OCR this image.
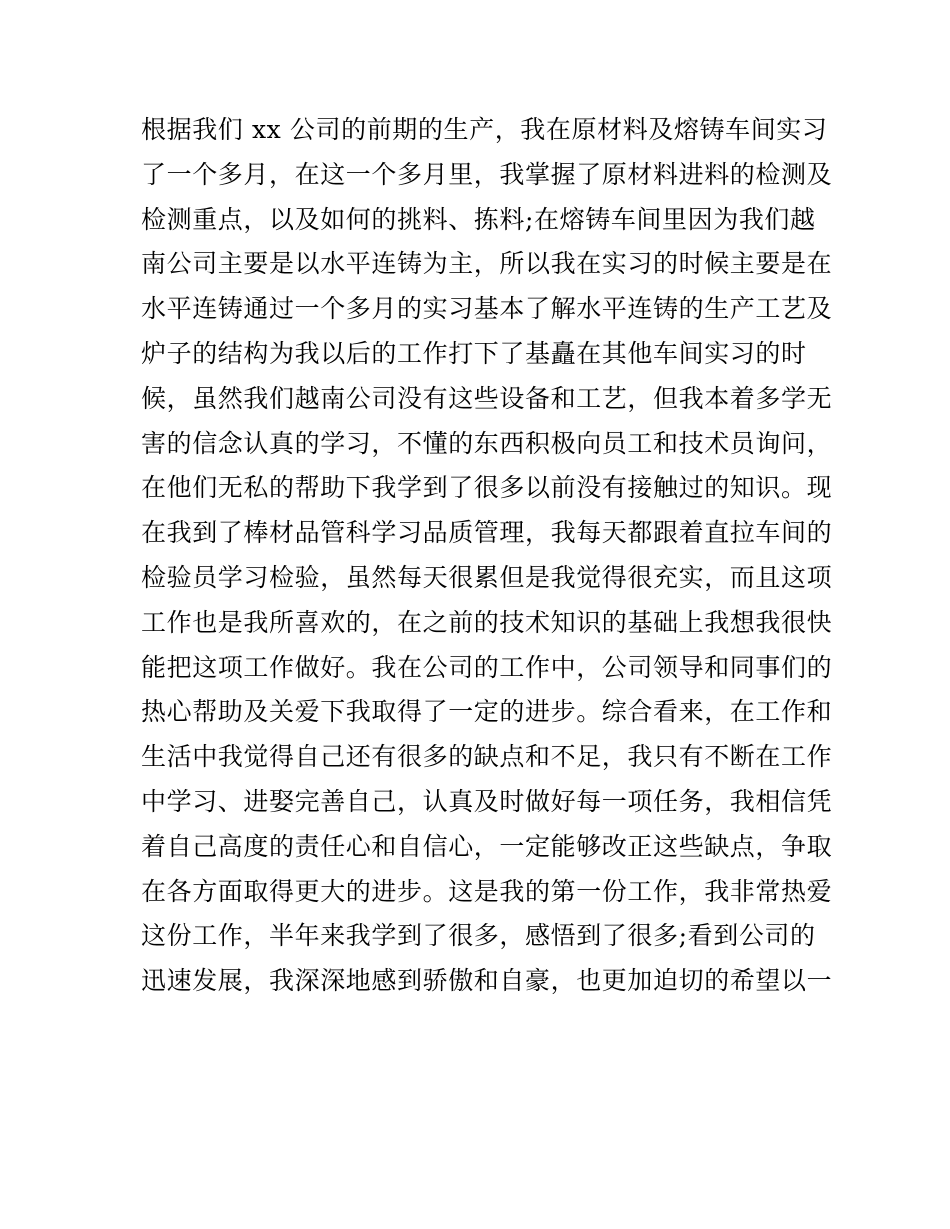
根据我们 xx 公司的前期的生产，我在原材料及熔铸车间实习
了一个多月，在这一个多月里，我掌握了原材料进料的检测及
检测重点，以及如何的挑料、拣料;在熔铸车间里因为我们越
南公司主要是以水平连铸为主，所以我在实习的时候主要是在
水平连铸通过一个多月的实习基本了解水平连铸的生产工艺及
炉子的结构为我以后的工作打下了基矗在其他车间实习的时
候，虽然我们越南公司没有这些设备和工艺，但我本着多学无
害的信念认真的学习，不懂的东西积极向员工和技术员询问，
在他们无私的帮助下我学到了很多以前没有接触过的知识。现
在我到了棒材品管科学习品质管理，我每天都跟着直拉车间的
检验员学习检验，虽然每天很累但是我觉得很充实，而且这项
工作也是我所喜欢的，在之前的技术知识的基础上我想我很快
能把这项工作做好。我在公司的工作中，公司领导和同事们的
热心帮助及关爱下我取得了一定的进步。综合看来，在工作和
生活中我觉得自己还有很多的缺点和不足，我只有不断在工作
中学习、进娶完善自己，认真及时做好每一项任务，我相信凭
着自己高度的责任心和自信心，一定能够改正这些缺点，争取
在各方面取得更大的进步。这是我的第一份工作，我非常热爱
这份工作，半年来我学到了很多，感悟到了很多;看到公司的
迅速发展，我深深地感到骄傲和自豪，也更加迫切的希望以一
